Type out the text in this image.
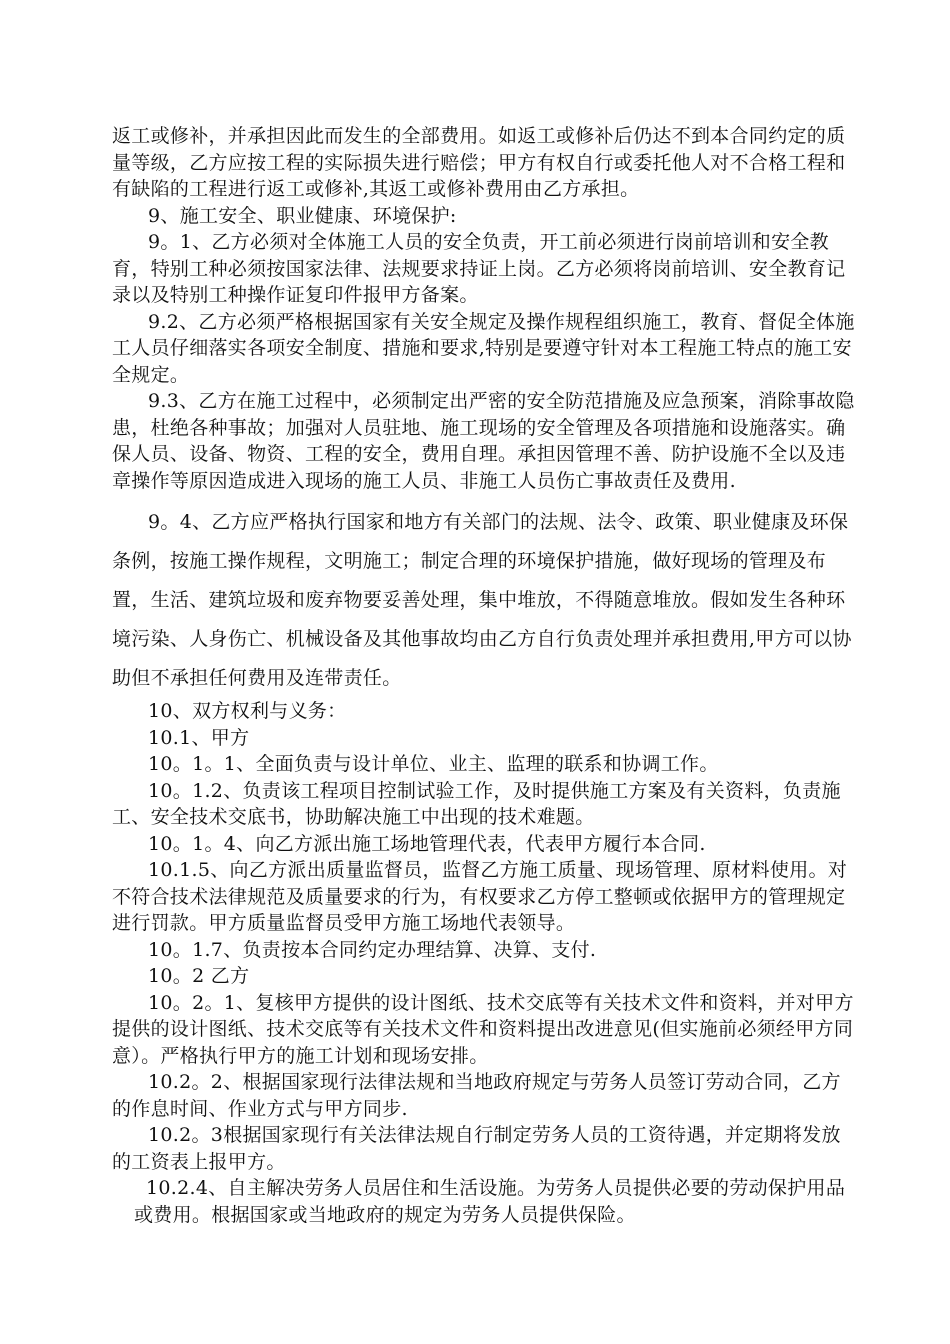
返工或修补，并承担因此而发生的全部费用。如返工或修补后仍达不到本合同约定的质量等级，乙方应按工程的实际损失进行赔偿；甲方有权自行或委托他人对不合格工程和有缺陷的工程进行返工或修补,其返工或修补费用由乙方承担。

9、施工安全、职业健康、环境保护:

9。1、乙方必须对全体施工人员的安全负责，开工前必须进行岗前培训和安全教育，特别工种必须按国家法律、法规要求持证上岗。乙方必须将岗前培训、安全教育记录以及特别工种操作证复印件报甲方备案。

9.2、乙方必须严格根据国家有关安全规定及操作规程组织施工，教育、督促全体施工人员仔细落实各项安全制度、措施和要求,特别是要遵守针对本工程施工特点的施工安全规定。

9.3、乙方在施工过程中，必须制定出严密的安全防范措施及应急预案，消除事故隐患，杜绝各种事故；加强对人员驻地、施工现场的安全管理及各项措施和设施落实。确保人员、设备、物资、工程的安全，费用自理。承担因管理不善、防护设施不全以及违章操作等原因造成进入现场的施工人员、非施工人员伤亡事故责任及费用.

9。4、乙方应严格执行国家和地方有关部门的法规、法令、政策、职业健康及环保条例，按施工操作规程，文明施工；制定合理的环境保护措施，做好现场的管理及布置，生活、建筑垃圾和废弃物要妥善处理，集中堆放，不得随意堆放。假如发生各种环境污染、人身伤亡、机械设备及其他事故均由乙方自行负责处理并承担费用,甲方可以协助但不承担任何费用及连带责任。

10、双方权利与义务：

10.1、甲方

10。1。1、全面负责与设计单位、业主、监理的联系和协调工作。

10。1.2、负责该工程项目控制试验工作，及时提供施工方案及有关资料，负责施工、安全技术交底书，协助解决施工中出现的技术难题。

10。1。4、向乙方派出施工场地管理代表，代表甲方履行本合同.

10.1.5、向乙方派出质量监督员，监督乙方施工质量、现场管理、原材料使用。对不符合技术法律规范及质量要求的行为，有权要求乙方停工整顿或依据甲方的管理规定进行罚款。甲方质量监督员受甲方施工场地代表领导。

10。1.7、负责按本合同约定办理结算、决算、支付.

10。2 乙方

10。2。1、复核甲方提供的设计图纸、技术交底等有关技术文件和资料，并对甲方提供的设计图纸、技术交底等有关技术文件和资料提出改进意见(但实施前必须经甲方同意）。严格执行甲方的施工计划和现场安排。

10.2。2、根据国家现行法律法规和当地政府规定与劳务人员签订劳动合同，乙方的作息时间、作业方式与甲方同步.

10.2。3根据国家现行有关法律法规自行制定劳务人员的工资待遇，并定期将发放的工资表上报甲方。

10.2.4、自主解决劳务人员居住和生活设施。为劳务人员提供必要的劳动保护用品或费用。根据国家或当地政府的规定为劳务人员提供保险。
